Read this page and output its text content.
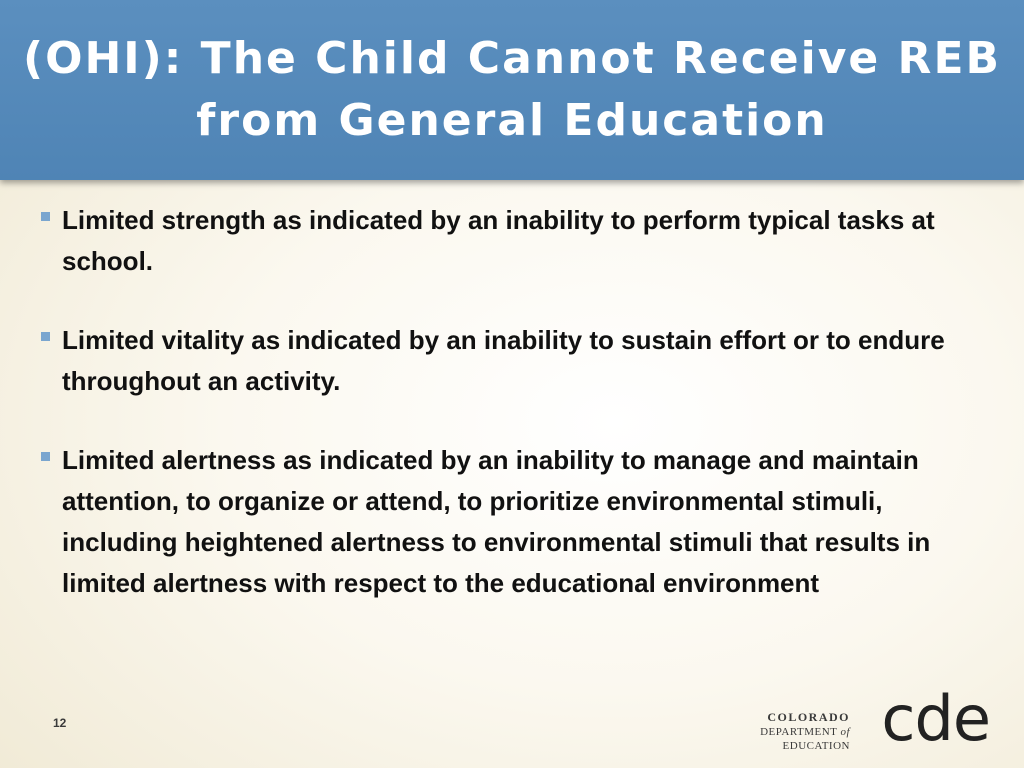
(OHI): The Child Cannot Receive REB
from General Education
Limited strength as indicated by an inability to perform typical tasks at school.
Limited vitality as indicated by an inability to sustain effort or to endure throughout an activity.
Limited alertness as indicated by an inability to manage and maintain attention, to organize or attend, to prioritize environmental stimuli, including heightened alertness to environmental stimuli that results in limited alertness with respect to the educational environment
12	COLORADO
DEPARTMENT of EDUCATION cde
